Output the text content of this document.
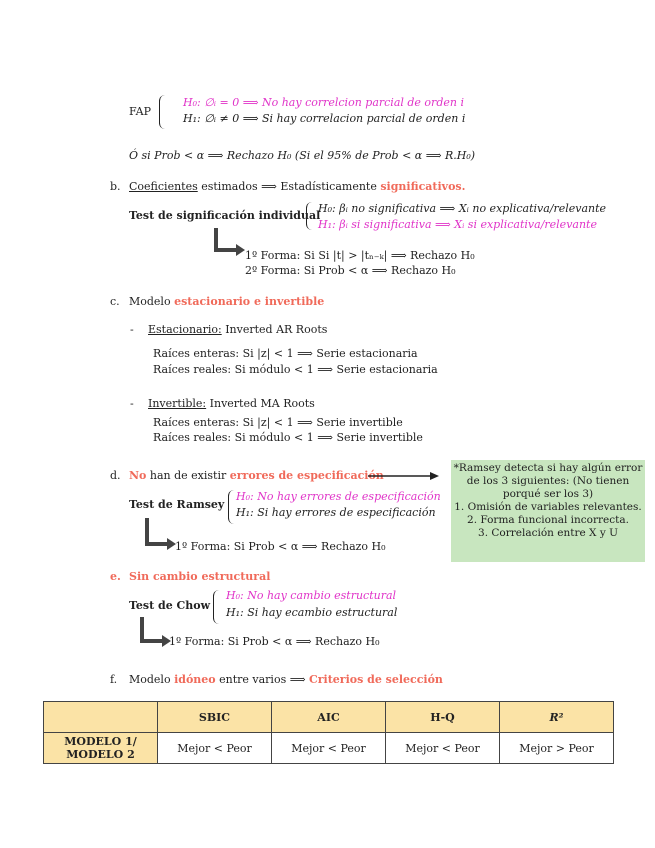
FAP
H₀: ∅ᵢ = 0 ⟹ No hay correlcion parcial de orden i
H₁: ∅ᵢ ≠ 0 ⟹ Si hay correlacion parcial de orden i
Ó si Prob < α ⟹ Rechazo H₀ (Si el 95% de Prob < α ⟹ R.H₀)
b. Coeficientes estimados ⟹ Estadísticamente significativos.
Test de significación individual
H₀: βᵢ no significativa ⟹ Xᵢ no explicativa/relevante
H₁: βᵢ si significativa ⟹ Xᵢ si explicativa/relevante
1º Forma: Si Si |t| > |tₙ₋ₖ| ⟹ Rechazo H₀
2º Forma: Si Prob < α ⟹ Rechazo H₀
c. Modelo estacionario e invertible
- Estacionario: Inverted AR Roots
Raíces enteras: Si |z| < 1 ⟹ Serie estacionaria
Raíces reales: Si módulo < 1 ⟹ Serie estacionaria
- Invertible: Inverted MA Roots
Raíces enteras: Si |z| < 1 ⟹ Serie invertible
Raíces reales: Si módulo < 1 ⟹ Serie invertible
d. No han de existir errores de especificación
Test de Ramsey
H₀: No hay errores de especificación
H₁: Si hay errores de especificación
1º Forma: Si Prob < α ⟹ Rechazo H₀
*Ramsey detecta si hay algún error de los 3 siguientes: (No tienen porqué ser los 3)
1. Omisión de variables relevantes.
2. Forma funcional incorrecta.
3. Correlación entre X y U
e. Sin cambio estructural
Test de Chow
H₀: No hay cambio estructural
H₁: Si hay ecambio estructural
1º Forma: Si Prob < α ⟹ Rechazo H₀
f. Modelo idóneo entre varios ⟹ Criterios de selección
	SBIC	AIC	H-Q	R²
MODELO 1/ MODELO 2	Mejor < Peor	Mejor < Peor	Mejor < Peor	Mejor > Peor
